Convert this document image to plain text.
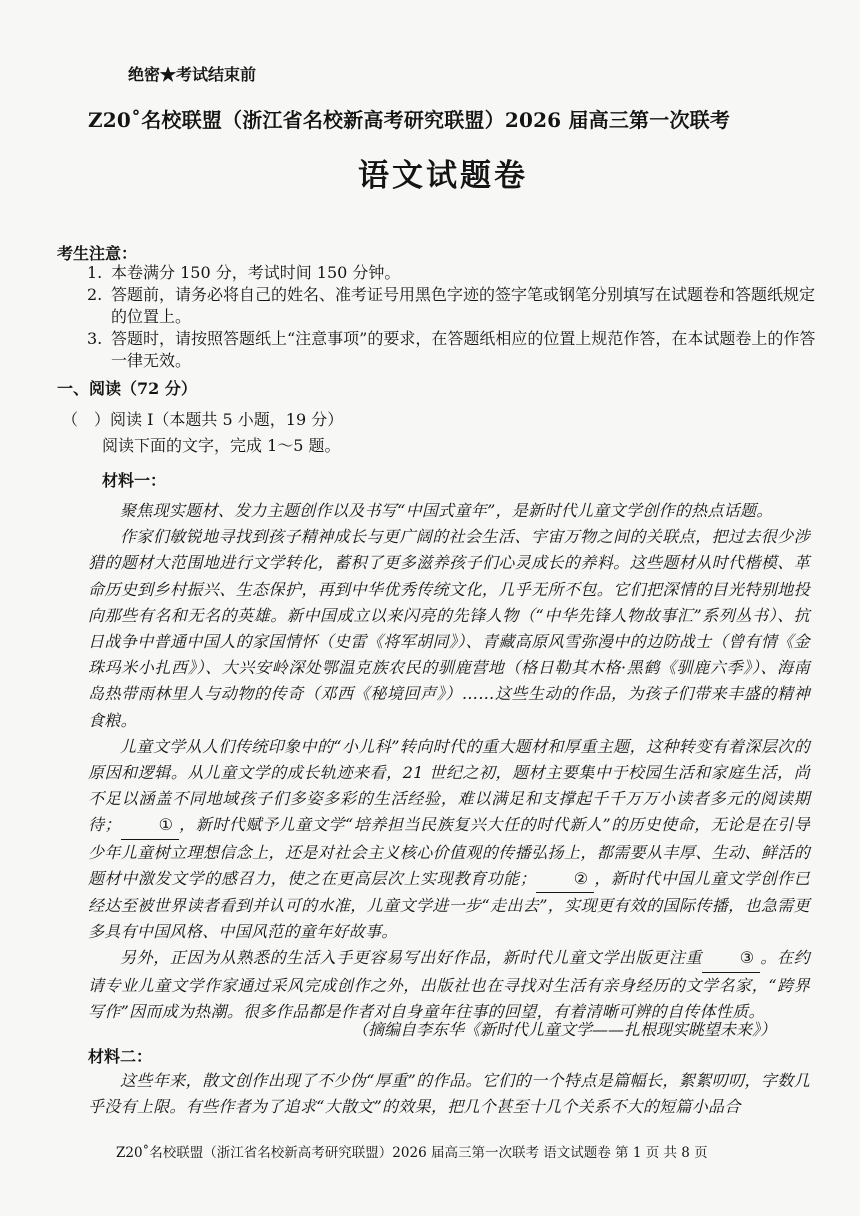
绝密★考试结束前
Z20˚名校联盟（浙江省名校新高考研究联盟）2026 届高三第一次联考
语文试题卷
考生注意：
1. 本卷满分 150 分，考试时间 150 分钟。
2. 答题前，请务必将自己的姓名、准考证号用黑色字迹的签字笔或钢笔分别填写在试题卷和答题纸规定的位置上。
3. 答题时，请按照答题纸上“注意事项”的要求，在答题纸相应的位置上规范作答，在本试题卷上的作答一律无效。
一、阅读（72 分）
（　）阅读 I（本题共 5 小题，19 分）
阅读下面的文字，完成 1～5 题。
材料一：

聚焦现实题材、发力主题创作以及书写“中国式童年”，是新时代儿童文学创作的热点话题。

作家们敏锐地寻找到孩子精神成长与更广阔的社会生活、宇宙万物之间的关联点，把过去很少涉猎的题材大范围地进行文学转化，蓄积了更多滋养孩子们心灵成长的养料。这些题材从时代楷模、革命历史到乡村振兴、生态保护，再到中华优秀传统文化，几乎无所不包。它们把深情的目光特别地投向那些有名和无名的英雄。新中国成立以来闪亮的先锋人物（“中华先锋人物故事汇”系列丛书）、抗日战争中普通中国人的家国情怀（史雷《将军胡同》）、青藏高原风雪弥漫中的边防战士（曾有情《金珠玛米小扎西》）、大兴安岭深处鄂温克族农民的驯鹿营地（格日勒其木格·黑鹤《驯鹿六季》）、海南岛热带雨林里人与动物的传奇（邓西《秘境回声》）……这些生动的作品，为孩子们带来丰盛的精神食粮。

儿童文学从人们传统印象中的“小儿科”转向时代的重大题材和厚重主题，这种转变有着深层次的原因和逻辑。从儿童文学的成长轨迹来看，21 世纪之初，题材主要集中于校园生活和家庭生活，尚不足以涵盖不同地域孩子们多姿多彩的生活经验，难以满足和支撑起千千万万小读者多元的阅读期待； ① ，新时代赋予儿童文学“培养担当民族复兴大任的时代新人”的历史使命，无论是在引导少年儿童树立理想信念上，还是对社会主义核心价值观的传播弘扬上，都需要从丰厚、生动、鲜活的题材中激发文学的感召力，使之在更高层次上实现教育功能； ② ，新时代中国儿童文学创作已经达至被世界读者看到并认可的水准，儿童文学进一步“走出去”，实现更有效的国际传播，也急需更多具有中国风格、中国风范的童年好故事。

另外，正因为从熟悉的生活入手更容易写出好作品，新时代儿童文学出版更注重 ③ 。在约请专业儿童文学作家通过采风完成创作之外，出版社也在寻找对生活有亲身经历的文学名家，“跨界写作”因而成为热潮。很多作品都是作者对自身童年往事的回望，有着清晰可辨的自传体性质。

（摘编自李东华《新时代儿童文学——扎根现实眺望未来》）
材料二：

这些年来，散文创作出现了不少伪“厚重”的作品。它们的一个特点是篇幅长，絮絮叨叨，字数几乎没有上限。有些作者为了追求“大散文”的效果，把几个甚至十几个关系不大的短篇小品合

Z20˚名校联盟（浙江省名校新高考研究联盟）2026 届高三第一次联考 语文试题卷 第 1 页 共 8 页
